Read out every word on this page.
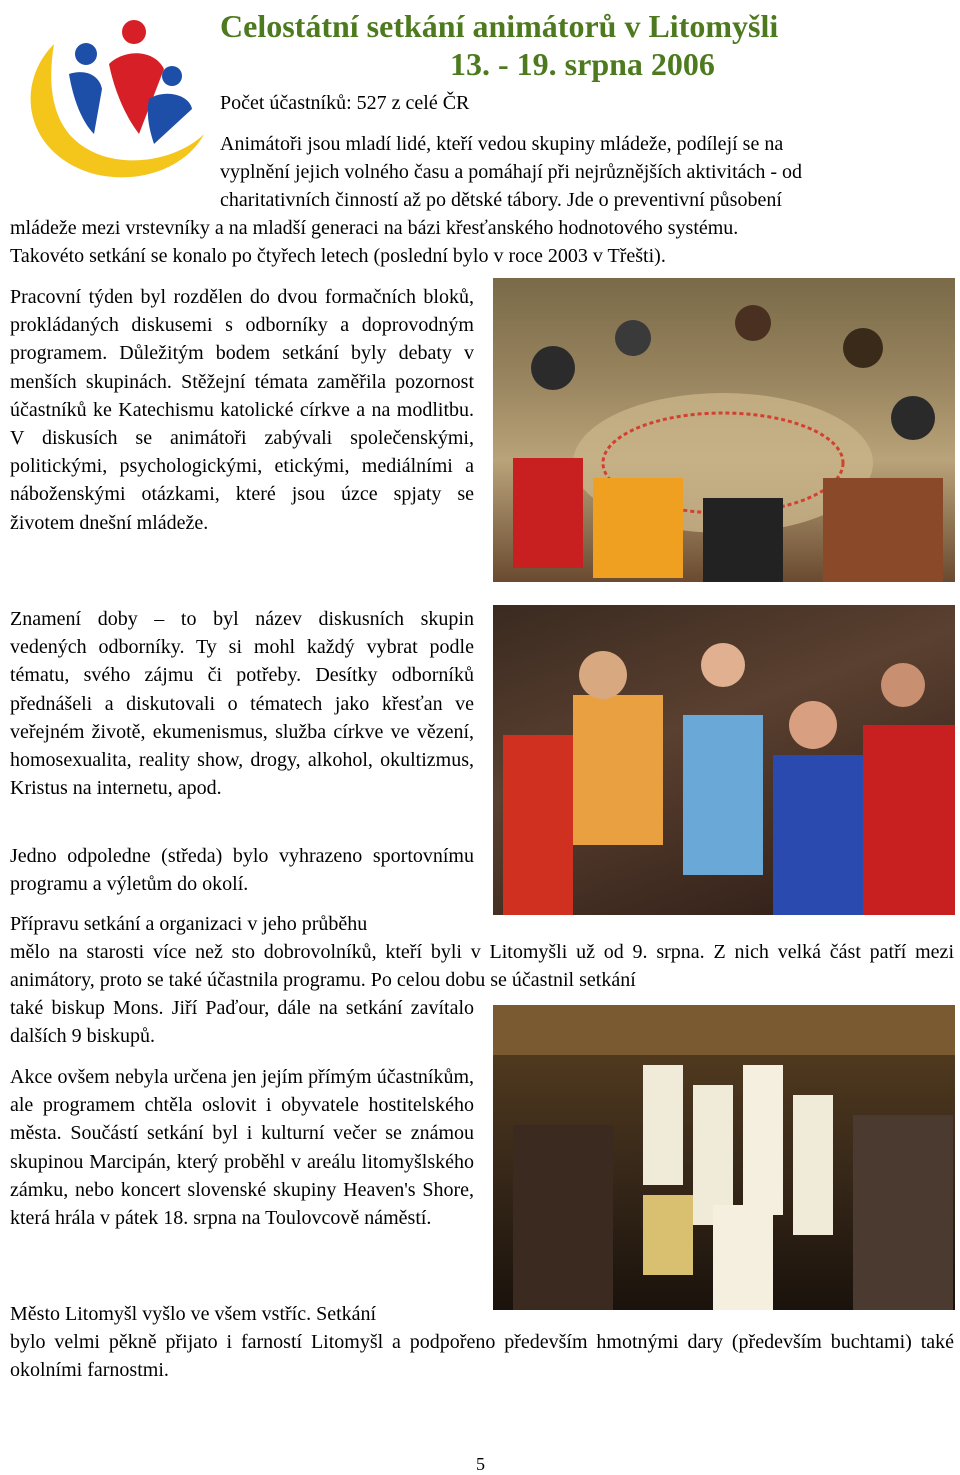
Celostátní setkání animátorů v Litomyšli
13. - 19. srpna 2006
Počet účastníků: 527 z celé ČR
Animátoři jsou mladí lidé, kteří vedou skupiny mládeže, podílejí se na
vyplnění jejich volného času a pomáhají při nejrůznějších aktivitách - od
charitativních činností až po dětské tábory. Jde o preventivní působení
mládeže mezi vrstevníky a na mladší generaci na bázi křesťanského hodnotového systému.
Takovéto setkání se konalo po čtyřech letech (poslední bylo v roce 2003 v Třešti).

Pracovní týden byl rozdělen do dvou formačních bloků, prokládaných diskusemi s odborníky a doprovodným programem. Důležitým bodem setkání byly debaty v menších skupinách. Stěžejní témata zaměřila pozornost účastníků ke Katechismu katolické církve a na modlitbu. V diskusích se animátoři zabývali společenskými, politickými, psychologickými, etickými, mediálními a náboženskými otázkami, které jsou úzce spjaty se životem dnešní mládeže.

Znamení doby – to byl název diskusních skupin vedených odborníky. Ty si mohl každý vybrat podle tématu, svého zájmu či potřeby. Desítky odborníků přednášeli a diskutovali o tématech jako křesťan ve veřejném životě, ekumenismus, služba církve ve vězení, homosexualita, reality show, drogy, alkohol, okultizmus, Kristus na internetu, apod.

Jedno odpoledne (středa) bylo vyhrazeno sportovnímu programu a výletům do okolí.

Přípravu setkání a organizaci v jeho průběhu
mělo na starosti více než sto dobrovolníků, kteří byli v Litomyšli už od 9. srpna. Z nich velká část patří mezi animátory, proto se také účastnila programu. Po celou dobu se účastnil setkání
také biskup Mons. Jiří Paďour, dále na setkání zavítalo dalších 9 biskupů.

Akce ovšem nebyla určena jen jejím přímým účastníkům, ale programem chtěla oslovit i obyvatele hostitelského města. Součástí setkání byl i kulturní večer se známou skupinou Marcipán, který proběhl v areálu litomyšlského zámku, nebo koncert slovenské skupiny Heaven's Shore, která hrála v pátek 18. srpna na Toulovcově náměstí.

Město Litomyšl vyšlo ve všem vstříc. Setkání
bylo velmi pěkně přijato i farností Litomyšl a podpořeno především hmotnými dary (především buchtami) také okolními farnostmi.
5
